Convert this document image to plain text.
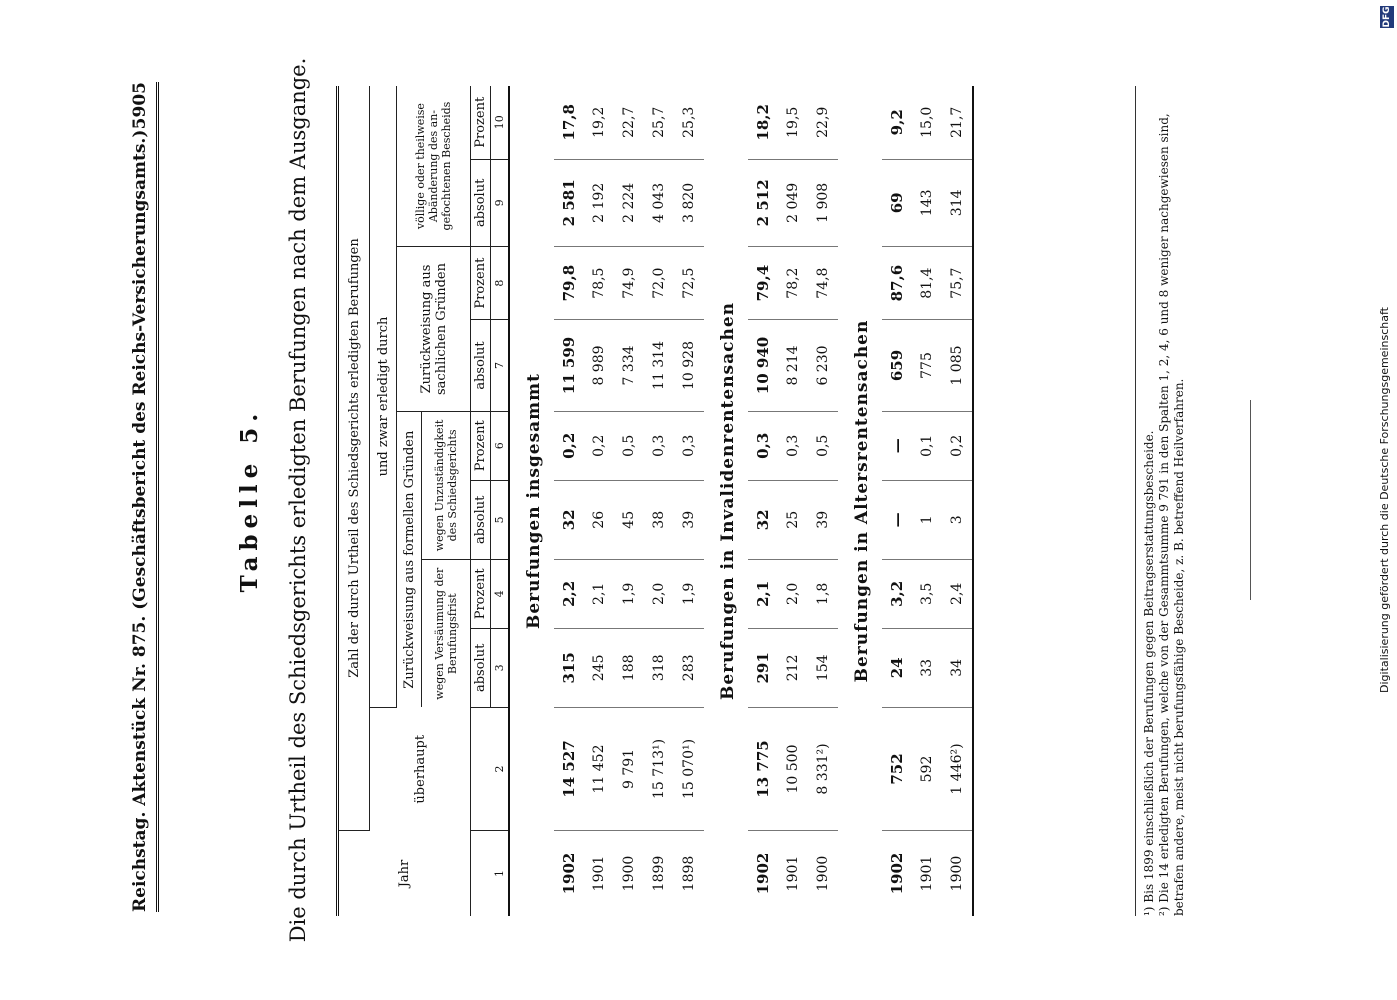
Reichstag. Aktenstück Nr. 875. (Geschäftsbericht des Reichs-Versicherungsamts.)
5905
Tabelle 5. Die durch Urtheil des Schiedsgerichts erledigten Berufungen nach dem Ausgange.	Jahr	Zahl der durch Urtheil des Schiedsgerichts erledigten Berufungen								
	überhaupt	und zwar erledigt durch							
		Zurückweisung aus formellen Gründen				Zurückweisung aus sachlichen Gründen		völlige oder theilweise Abänderung des an-gefochtenen Bescheids	
		wegen Versäumung der Berufungsfrist		wegen Unzuständigkeit des Schiedsgerichts					
		absolut	Prozent	absolut	Prozent	absolut	Prozent	absolut	Prozent
1	2	3	4	5	6	7	8	9	10
Berufungen insgesammt									
1902	14 527	315	2,2	32	0,2	11 599	79,8	2 581	17,8
1901	11 452	245	2,1	26	0,2	8 989	78,5	2 192	19,2
1900	9 791	188	1,9	45	0,5	7 334	74,9	2 224	22,7
1899	15 713¹)	318	2,0	38	0,3	11 314	72,0	4 043	25,7
1898	15 070¹)	283	1,9	39	0,3	10 928	72,5	3 820	25,3
Berufungen in Invalidenrentensachen									
1902	13 775	291	2,1	32	0,3	10 940	79,4	2 512	18,2
1901	10 500	212	2,0	25	0,3	8 214	78,2	2 049	19,5
1900	8 331²)	154	1,8	39	0,5	6 230	74,8	1 908	22,9
Berufungen in Altersrentensachen									
1902	752	24	3,2	—	—	659	87,6	69	9,2
1901	592	33	3,5	1	0,1	775	81,4	143	15,0
1900	1 446²)	34	2,4	3	0,2	1 085	75,7	314	21,7

¹) Bis 1899 einschließlich der Berufungen gegen Beitragserstattungsbescheide. ²) Die 14 erledigten Berufungen, welche von der Gesammtsumme 9 791 in den Spalten 1, 2, 4, 6 und 8 weniger nachgewiesen sind, betrafen andere, meist nicht berufungsfähige Bescheide, z. B. betreffend Heilverfahren.	Digitalisierung gefördert durch die Deutsche Forschungsgemeinschaft
DFG
